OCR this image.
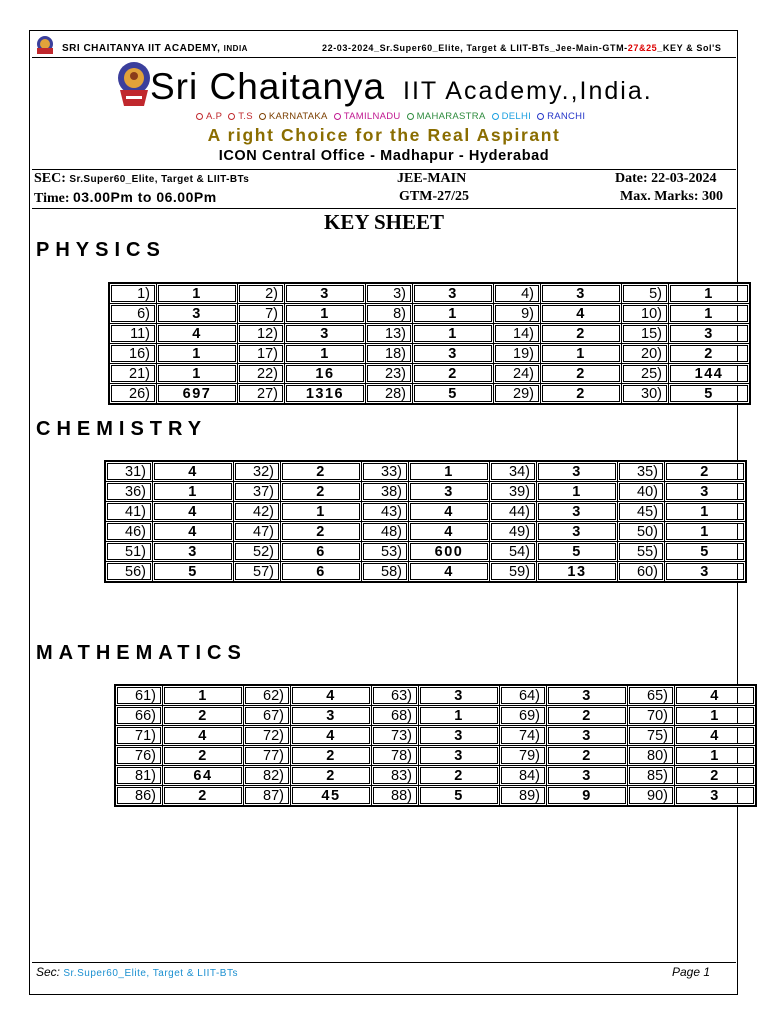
SRI CHAITANYA IIT ACADEMY, INDIA	22-03-2024_Sr.Super60_Elite, Target & LIIT-BTs_Jee-Main-GTM-27&25_KEY & Sol'S
Sri Chaitanya IIT Academy.,India.
A.P T.S KARNATAKA TAMILNADU MAHARASTRA DELHI RANCHI
A right Choice for the Real Aspirant
ICON Central Office - Madhapur - Hyderabad
SEC: Sr.Super60_Elite, Target & LIIT-BTs
Time: 03.00Pm to 06.00Pm
JEE-MAIN
GTM-27/25
Date: 22-03-2024
Max. Marks: 300
KEY SHEET
PHYSICS
1)	1	2)	3	3)	3	4)	3	5)	1
6)	3	7)	1	8)	1	9)	4	10)	1
11)	4	12)	3	13)	1	14)	2	15)	3
16)	1	17)	1	18)	3	19)	1	20)	2
21)	1	22)	16	23)	2	24)	2	25)	144
26)	697	27)	1316	28)	5	29)	2	30)	5
CHEMISTRY
31)	4	32)	2	33)	1	34)	3	35)	2
36)	1	37)	2	38)	3	39)	1	40)	3
41)	4	42)	1	43)	4	44)	3	45)	1
46)	4	47)	2	48)	4	49)	3	50)	1
51)	3	52)	6	53)	600	54)	5	55)	5
56)	5	57)	6	58)	4	59)	13	60)	3
MATHEMATICS
61)	1	62)	4	63)	3	64)	3	65)	4
66)	2	67)	3	68)	1	69)	2	70)	1
71)	4	72)	4	73)	3	74)	3	75)	4
76)	2	77)	2	78)	3	79)	2	80)	1
81)	64	82)	2	83)	2	84)	3	85)	2
86)	2	87)	45	88)	5	89)	9	90)	3
Sec: Sr.Super60_Elite, Target & LIIT-BTs	Page 1
